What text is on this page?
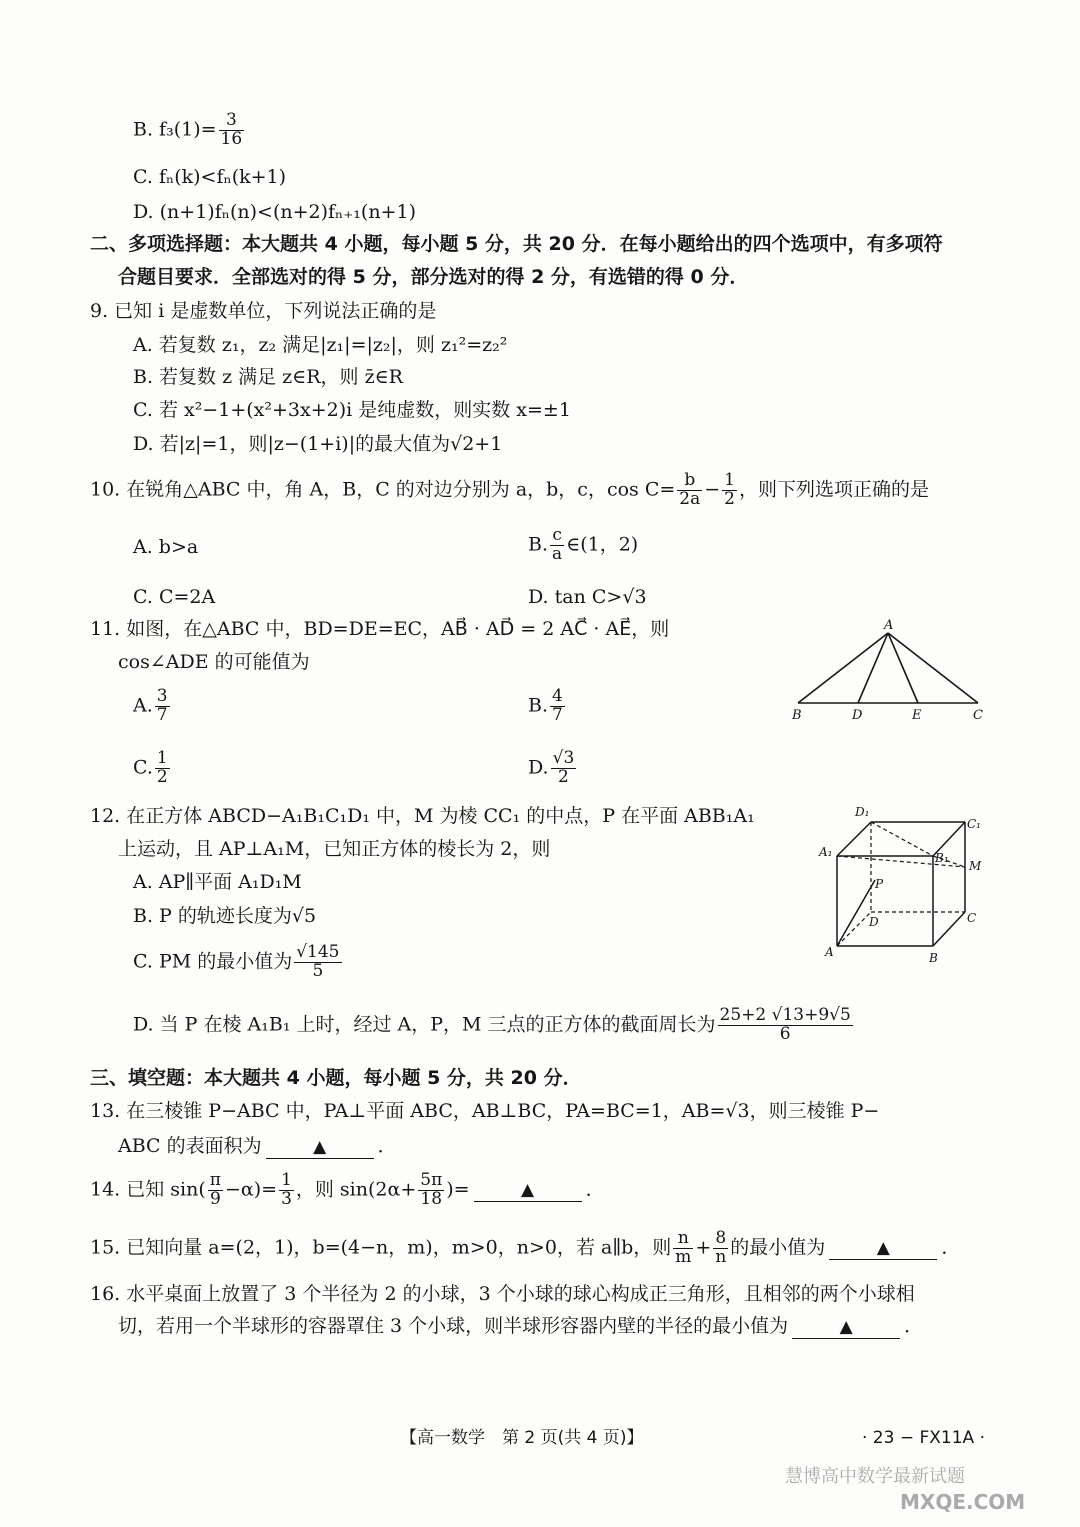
B. $f_3(1)= \frac{3}{16}$
C. fₙ(k)<fₙ(k+1)
D. (n+1)fₙ(n)<(n+2)fₙ₊₁(n+1)
二、多项选择题：本大题共 4 小题，每小题 5 分，共 20 分．在每小题给出的四个选项中，有多项符
合题目要求．全部选对的得 5 分，部分选对的得 2 分，有选错的得 0 分．
9. 已知 i 是虚数单位，下列说法正确的是
A. 若复数 z₁，z₂ 满足|z₁|=|z₂|，则 z₁²=z₂²
B. 若复数 z 满足 z∈R，则 z̄∈R
C. 若 x²−1+(x²+3x+2)i 是纯虚数，则实数 x=±1
D. 若|z|=1，则|z−(1+i)|的最大值为√2+1
10. 在锐角△ABC 中，角 A，B，C 的对边分别为 a，b，c，$\cos C= \frac{b}{2a} - \frac{1}{2}$ ，则下列选项正确的是
A. b>a	B. $\frac{c}{a}$ ∈(1，2)
C. C=2A	D. tan C>√3
11. 如图，在△ABC 中，BD=DE=EC，AB⃗ · AD⃗ = 2 AC⃗ · AE⃗，则
cos∠ADE 的可能值为
A. $\frac{3}{7}$	B. $\frac{4}{7}$
C. $\frac{1}{2}$	D. $\frac{√3}{2}$
A
B	D	E	C
12. 在正方体 ABCD−A₁B₁C₁D₁ 中，M 为棱 CC₁ 的中点，P 在平面 ABB₁A₁
上运动，且 AP⊥A₁M，已知正方体的棱长为 2，则
A. AP∥平面 A₁D₁M
B. P 的轨迹长度为√5
C. PM 的最小值为 $\frac{√145}{5}$
D. 当 P 在棱 A₁B₁ 上时，经过 A，P，M 三点的正方体的截面周长为 $\frac{25+2 √13+9√5}{6}$
D₁
C₁
A₁	B₁
M
P
D	C
A	B
三、填空题：本大题共 4 小题，每小题 5 分，共 20 分．
13. 在三棱锥 P−ABC 中，PA⊥平面 ABC，AB⊥BC，PA=BC=1，AB=√3，则三棱锥 P−
ABC 的表面积为	▲	．
14. 已知 $\sin( \frac{\pi}{9} -\alpha)= \frac{1}{3}$ ，则 $\sin(2\alpha+ \frac{5\pi}{18}$ )=	▲	．
15. 已知向量 a=(2，1)，b=(4−n，m)，m>0，n>0，若 a∥b，则 $\frac{n}{m} + \frac{8}{n}$ 的最小值为	▲	．
16. 水平桌面上放置了 3 个半径为 2 的小球，3 个小球的球心构成正三角形，且相邻的两个小球相
切，若用一个半球形的容器罩住 3 个小球，则半球形容器内壁的半径的最小值为	▲	．
【高一数学　第 2 页(共 4 页)】	· 23 − FX11A ·
慧博高中数学最新试题
MXQE.COM
